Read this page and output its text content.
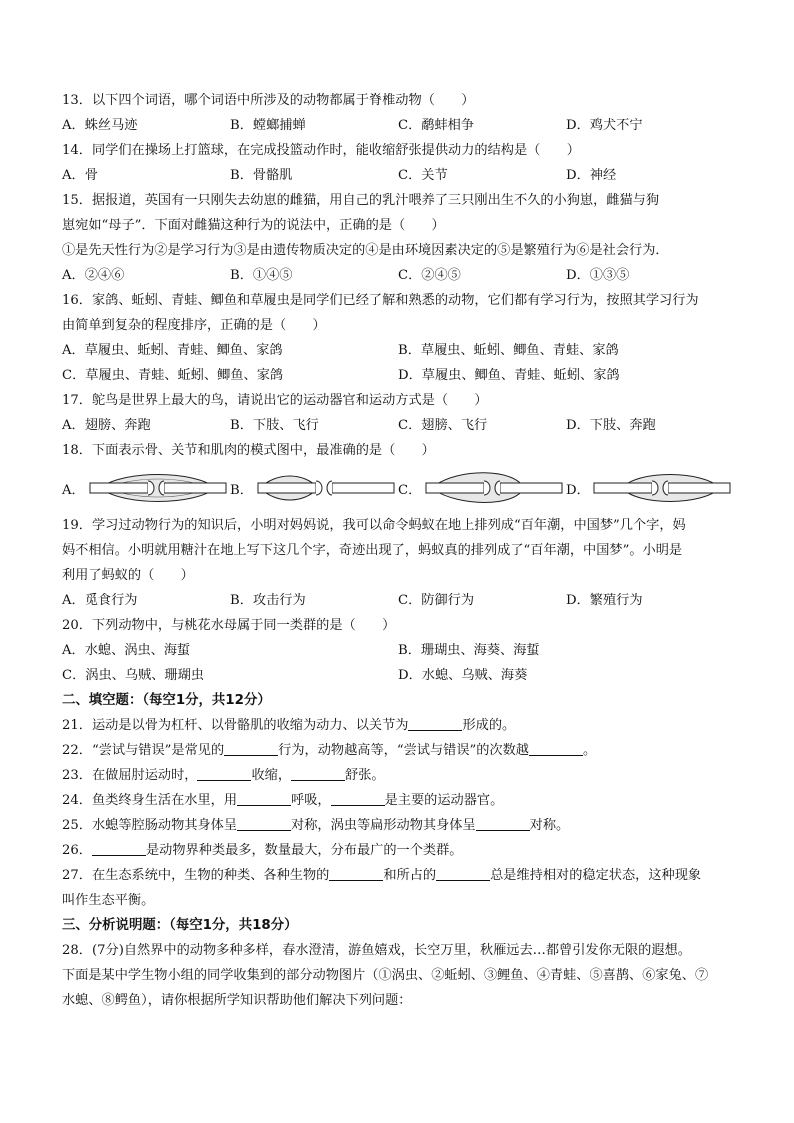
13．以下四个词语，哪个词语中所涉及的动物都属于脊椎动物（　　）
A．蛛丝马迹	B．螳螂捕蝉	C．鹬蚌相争	D．鸡犬不宁
14．同学们在操场上打篮球，在完成投篮动作时，能收缩舒张提供动力的结构是（　　）
A．骨	B．骨骼肌	C．关节	D．神经
15．据报道，英国有一只刚失去幼崽的雌猫，用自己的乳汁喂养了三只刚出生不久的小狗崽，雌猫与狗
崽宛如“母子”．下面对雌猫这种行为的说法中，正确的是（　　）
①是先天性行为②是学习行为③是由遗传物质决定的④是由环境因素决定的⑤是繁殖行为⑥是社会行为．
A．②④⑥	B．①④⑤	C．②④⑤	D．①③⑤
16．家鸽、蚯蚓、青蛙、鲫鱼和草履虫是同学们已经了解和熟悉的动物，它们都有学习行为，按照其学习行为
由简单到复杂的程度排序，正确的是（　　）
A．草履虫、蚯蚓、青蛙、鲫鱼、家鸽	B．草履虫、蚯蚓、鲫鱼、青蛙、家鸽
C．草履虫、青蛙、蚯蚓、鲫鱼、家鸽	D．草履虫、鲫鱼、青蛙、蚯蚓、家鸽
17．鸵鸟是世界上最大的鸟，请说出它的运动器官和运动方式是（　　）
A．翅膀、奔跑	B．下肢、飞行	C．翅膀、飞行	D．下肢、奔跑
18．下面表示骨、关节和肌肉的模式图中，最准确的是（　　）
A．	B．	C．	D．
19．学习过动物行为的知识后，小明对妈妈说，我可以命令蚂蚁在地上排列成“百年潮，中国梦”几个字，妈
妈不相信。小明就用糖汁在地上写下这几个字，奇迹出现了，蚂蚁真的排列成了“百年潮，中国梦”。小明是
利用了蚂蚁的（　　）
A．觅食行为	B．攻击行为	C．防御行为	D．繁殖行为
20．下列动物中，与桃花水母属于同一类群的是（　　）
A．水螅、涡虫、海蜇	B．珊瑚虫、海葵、海蜇
C．涡虫、乌贼、珊瑚虫	D．水螅、乌贼、海葵
二、填空题：（每空1分，共12分）
21．运动是以骨为杠杆、以骨骼肌的收缩为动力、以关节为	形成的。
22．“尝试与错误”是常见的	行为，动物越高等，“尝试与错误”的次数越	。
23．在做屈肘运动时，	收缩，	舒张。
24．鱼类终身生活在水里，用	呼吸，	是主要的运动器官。
25．水螅等腔肠动物其身体呈	对称，涡虫等扁形动物其身体呈	对称。
26．	是动物界种类最多，数量最大，分布最广的一个类群。
27．在生态系统中，生物的种类、各种生物的	和所占的	总是维持相对的稳定状态，这种现象
叫作生态平衡。
三、分析说明题：（每空1分，共18分）
28．(7分)自然界中的动物多种多样，春水澄清，游鱼嬉戏，长空万里，秋雁远去…都曾引发你无限的遐想。
下面是某中学生物小组的同学收集到的部分动物图片（①涡虫、②蚯蚓、③鲤鱼、④青蛙、⑤喜鹊、⑥家兔、⑦
水螅、⑧鳄鱼），请你根据所学知识帮助他们解决下列问题：
